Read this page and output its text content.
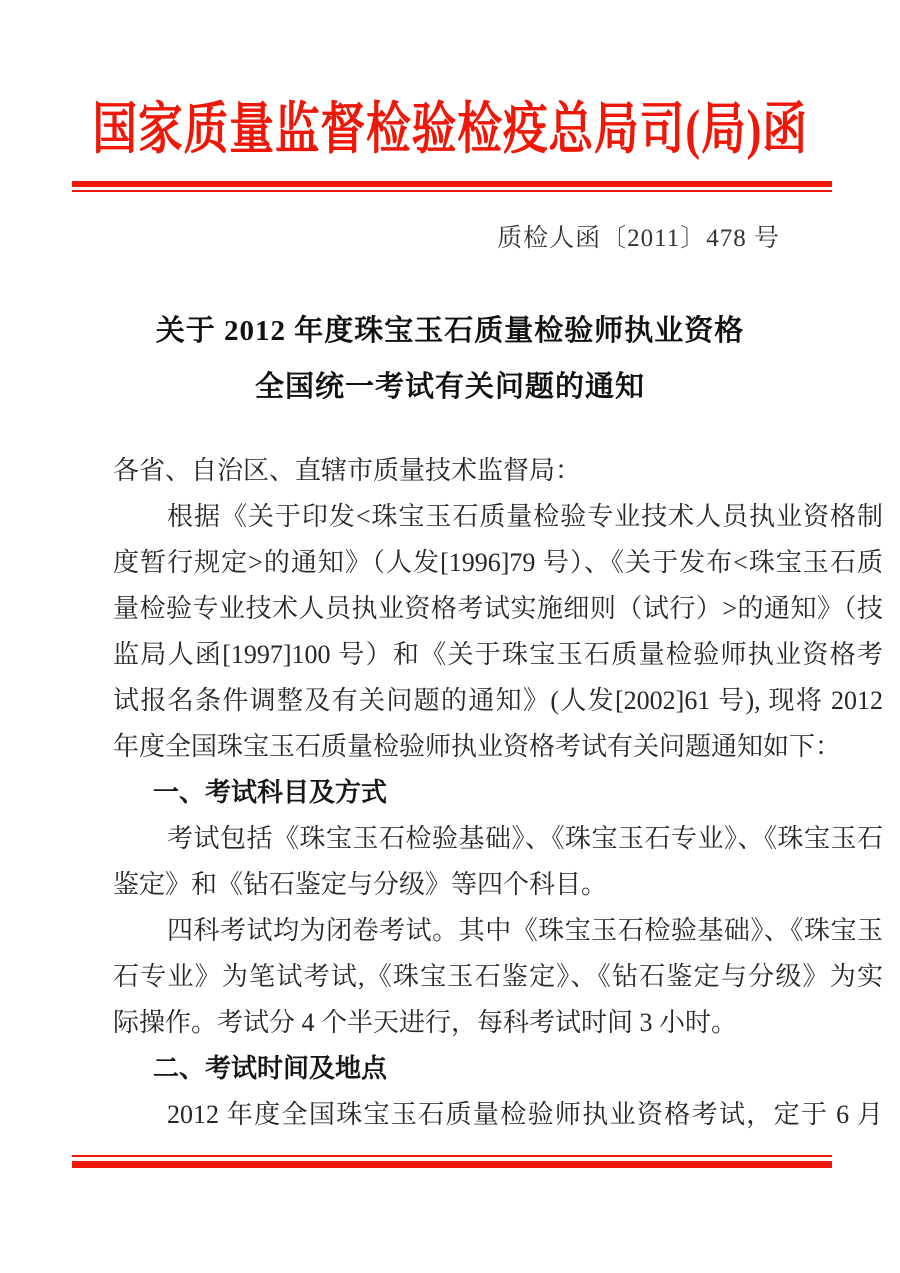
国家质量监督检验检疫总局司(局)函
质检人函〔2011〕478 号
关于 2012 年度珠宝玉石质量检验师执业资格
全国统一考试有关问题的通知
各省、自治区、直辖市质量技术监督局：
根据《关于印发<珠宝玉石质量检验专业技术人员执业资格制
度暂行规定>的通知》（人发[1996]79 号）、《关于发布<珠宝玉石质
量检验专业技术人员执业资格考试实施细则（试行）>的通知》（技
监局人函[1997]100 号）和《关于珠宝玉石质量检验师执业资格考
试报名条件调整及有关问题的通知》(人发[2002]61 号), 现将 2012
年度全国珠宝玉石质量检验师执业资格考试有关问题通知如下：
一、考试科目及方式
考试包括《珠宝玉石检验基础》、《珠宝玉石专业》、《珠宝玉石
鉴定》和《钻石鉴定与分级》等四个科目。
四科考试均为闭卷考试。其中《珠宝玉石检验基础》、《珠宝玉
石专业》为笔试考试,《珠宝玉石鉴定》、《钻石鉴定与分级》为实
际操作。考试分 4 个半天进行，每科考试时间 3 小时。
二、考试时间及地点
2012 年度全国珠宝玉石质量检验师执业资格考试，定于 6 月
